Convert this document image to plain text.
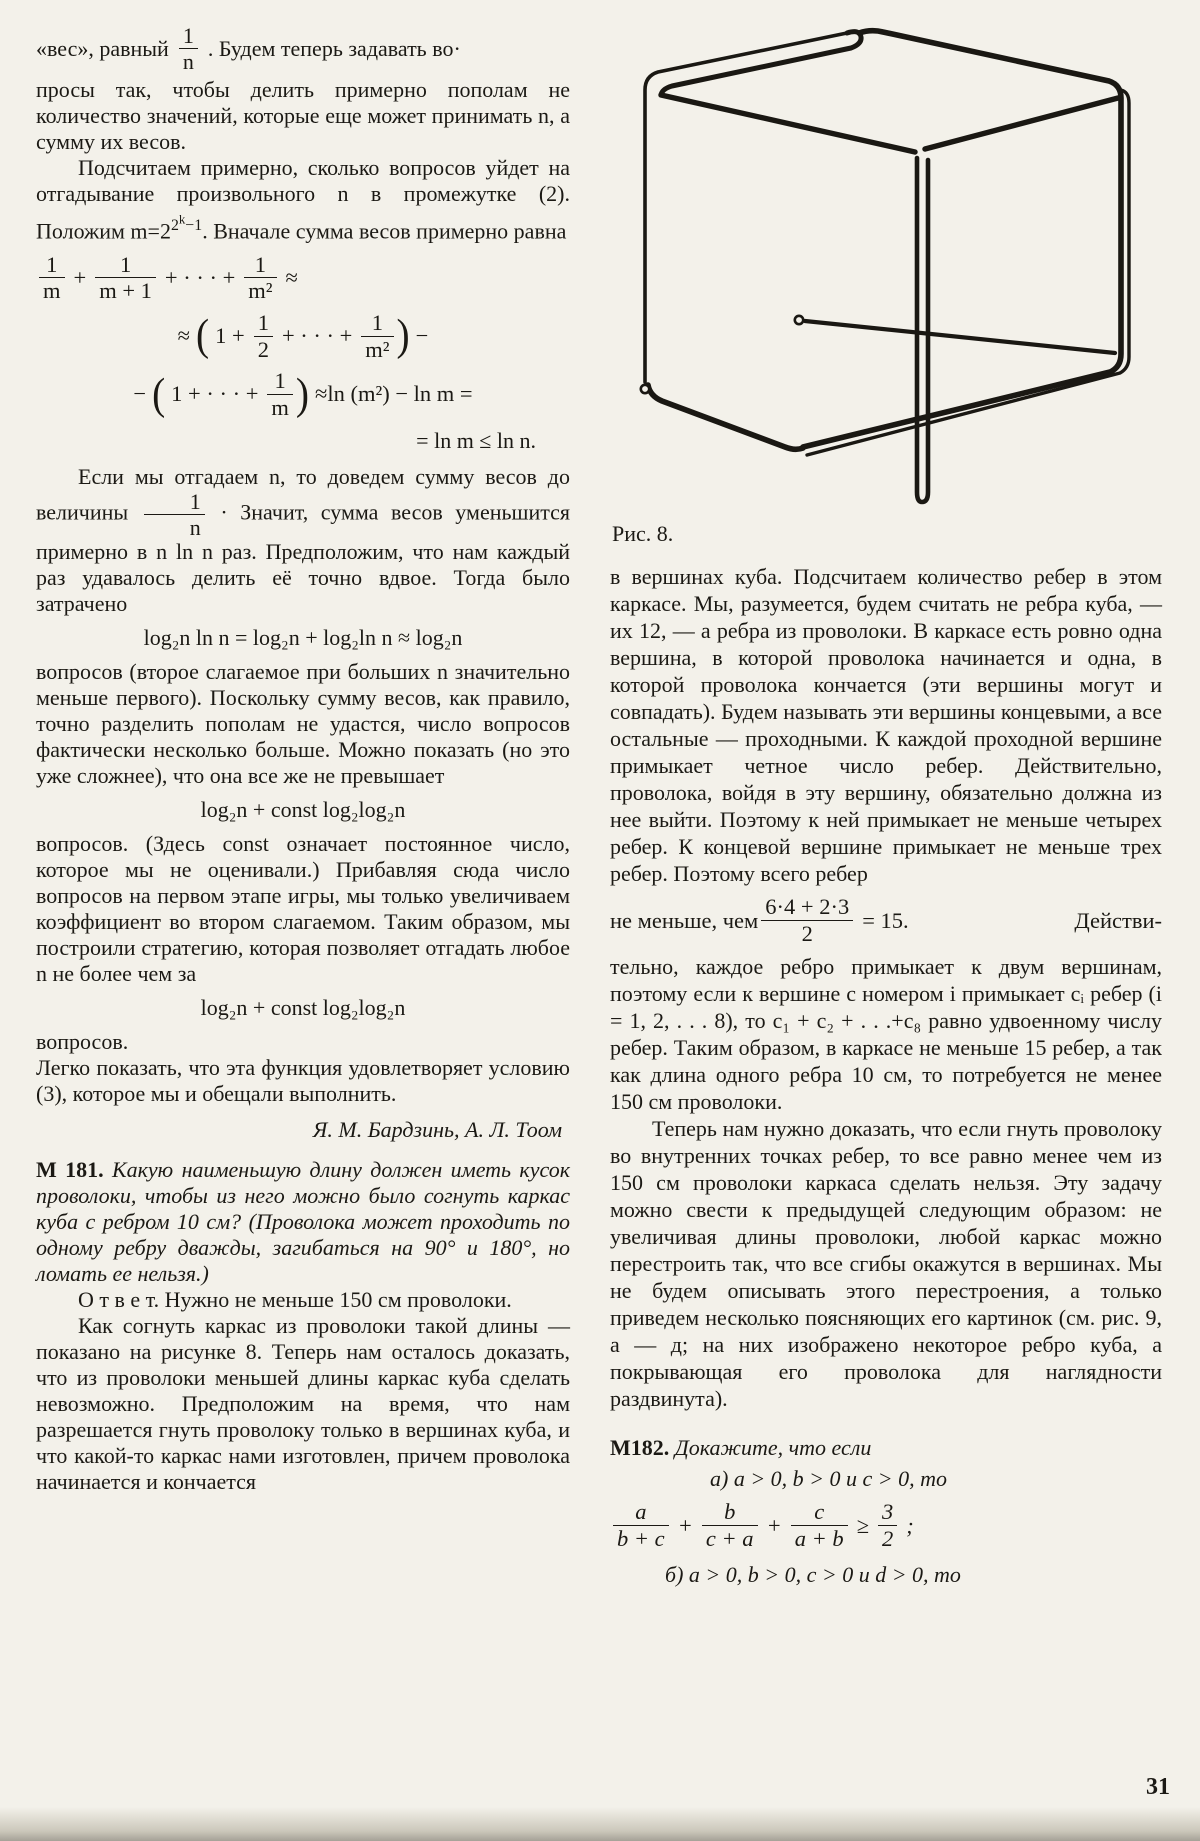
«вес», равный $\frac{1}{n}$ . Будем теперь задавать во·

просы так, чтобы делить примерно пополам не количество значений, которые еще может принимать n, а сумму их весов.

Подсчитаем примерно, сколько вопросов уйдет на отгадывание произвольного n в промежутке (2). Положим $m=2^{2^k-1}$. Вначале сумма весов примерно равна

$\frac{1}{m} + \frac{1}{m + 1}$ + · · · + $\frac{1}{\text{m²}}$ ≈
≈ ( $1 + \frac{1}{2}$ + · · · + $\frac{1}{\text{m²}}$ ) −
− ( 1 + · · · + $\frac{1}{m}$ ) ≈ln (m²) − ln m =
= ln m ≤ ln n.

Если мы отгадаем n, то доведем сумму весов до величины $\frac{1}{n}$ · Значит, сумма весов уменьшится примерно в n ln n раз. Предположим, что нам каждый раз удавалось делить её точно вдвое. Тогда было затрачено

log₂n ln n = log₂n + log₂ln n ≈ log₂n

вопросов (второе слагаемое при больших n значительно меньше первого). Поскольку сумму весов, как правило, точно разделить пополам не удастся, число вопросов фактически несколько больше. Можно показать (но это уже сложнее), что она все же не превышает

log₂n + const log₂log₂n

вопросов. (Здесь const означает постоянное число, которое мы не оценивали.) Прибавляя сюда число вопросов на первом этапе игры, мы только увеличиваем коэффициент во втором слагаемом. Таким образом, мы построили стратегию, которая позволяет отгадать любое n не более чем за

log₂n + const log₂log₂n

вопросов.

Легко показать, что эта функция удовлетворяет условию (3), которое мы и обещали выполнить.

Я. М. Бардзинь, А. Л. Тоом

М 181. Какую наименьшую длину должен иметь кусок проволоки, чтобы из него можно было согнуть каркас куба с ребром 10 см? (Проволока может проходить по одному ребру дважды, загибаться на 90° и 180°, но ломать ее нельзя.)

О т в е т. Нужно не меньше 150 см проволоки.

Как согнуть каркас из проволоки такой длины — показано на рисунке 8. Теперь нам осталось доказать, что из проволоки меньшей длины каркас куба сделать невозможно. Предположим на время, что нам разрешается гнуть проволоку только в вершинах куба, и что какой-то каркас нами изготовлен, причем проволока начинается и кончается

Рис. 8.

в вершинах куба. Подсчитаем количество ребер в этом каркасе. Мы, разумеется, будем считать не ребра куба, — их 12, — а ребра из проволоки. В каркасе есть ровно одна вершина, в которой проволока начинается и одна, в которой проволока кончается (эти вершины могут и совпадать). Будем называть эти вершины концевыми, а все остальные — проходными. К каждой проходной вершине примыкает четное число ребер. Действительно, проволока, войдя в эту вершину, обязательно должна из нее выйти. Поэтому к ней примыкает не меньше четырех ребер. К концевой вершине примыкает не меньше трех ребер. Поэтому всего ребер

не меньше, чем $\frac{6\cdot 4 + 2\cdot 3}{2} = 15$.	Действи-

тельно, каждое ребро примыкает к двум вершинам, поэтому если к вершине с номером i примыкает cᵢ ребер (i = 1, 2, . . . 8), то c₁ + c₂ + . . .+c₈ равно удвоенному числу ребер. Таким образом, в каркасе не меньше 15 ребер, а так как длина одного ребра 10 см, то потребуется не менее 150 см проволоки.

Теперь нам нужно доказать, что если гнуть проволоку во внутренних точках ребер, то все равно менее чем из 150 см проволоки каркаса сделать нельзя. Эту задачу можно свести к предыдущей следующим образом: не увеличивая длины проволоки, любой каркас можно перестроить так, что все сгибы окажутся в вершинах. Мы не будем описывать этого перестроения, а только приведем несколько поясняющих его картинок (см. рис. 9, а — д; на них изображено некоторое ребро куба, а покрывающая его проволока для наглядности раздвинута).

М182. Докажите, что если

а) a > 0, b > 0 и c > 0, то
$\frac{a}{b + c} + \frac{b}{c + a} + \frac{c}{a + b} \ge \frac{3}{2}$ ;
б) a > 0, b > 0, c > 0 и d > 0, то
31
